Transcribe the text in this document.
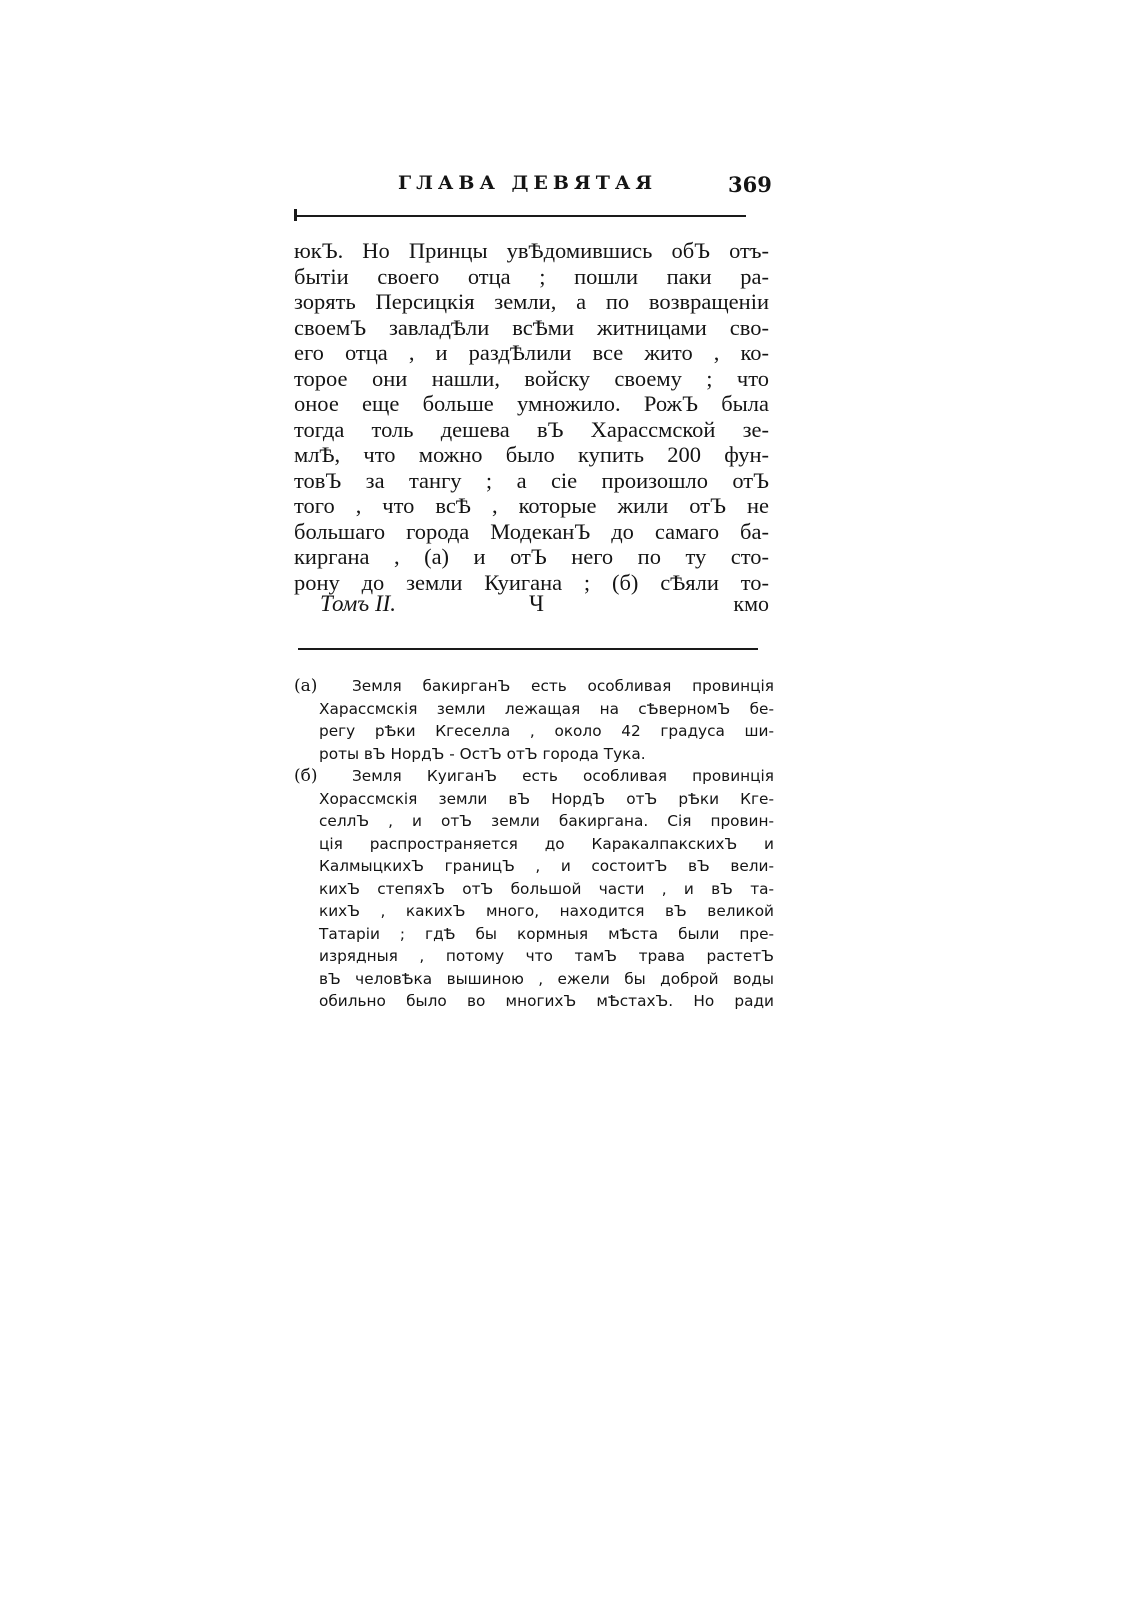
ГЛАВА ДЕВЯТАЯ	369
юкЪ. Но Принцы увѢдомившись обЪ отъ-
бытіи своего отца ; пошли паки ра-
зорять Персицкія земли, а по возвращеніи
своемЪ завладѢли всѢми житницами сво-
его отца , и раздѢлили все жито , ко-
торое они нашли, войску своему ; что
оное еще больше умножило. РожЪ была
тогда толь дешева вЪ Харассмской зе-
млѢ, что можно было купить 200 фун-
товЪ за тангу ; а сіе произошло отЪ
того , что всѢ , которые жили отЪ не
большаго города МодеканЪ до самаго ба-
киргана , (а) и отЪ него по ту сто-
рону до земли Куигана ; (б) сѢяли то-
Томъ II.	Ч	кмо
(а)	Земля бакирганЪ есть особливая провинція
Харассмскія земли лежащая на сѢверномЪ бе-
регу рѢки Кгеселла , около 42 градуса ши-
роты вЪ НордЪ - ОстЪ отЪ города Тука.
(б)	Земля КуиганЪ есть особливая провинція
Хорассмскія земли вЪ НордЪ отЪ рѢки Кге-
селлЪ , и отЪ земли бакиргана. Сія провин-
ція распространяется до КаракалпакскихЪ и
КалмыцкихЪ границЪ , и состоитЪ вЪ вели-
кихЪ степяхЪ отЪ большой части , и вЪ та-
кихЪ , какихЪ много, находится вЪ великой
Татаріи ; гдѢ бы кормныя мѢста были пре-
изрядныя , потому что тамЪ трава растетЪ
вЪ человѢка вышиною , ежели бы доброй воды
обильно было во многихЪ мѢстахЪ. Но ради
